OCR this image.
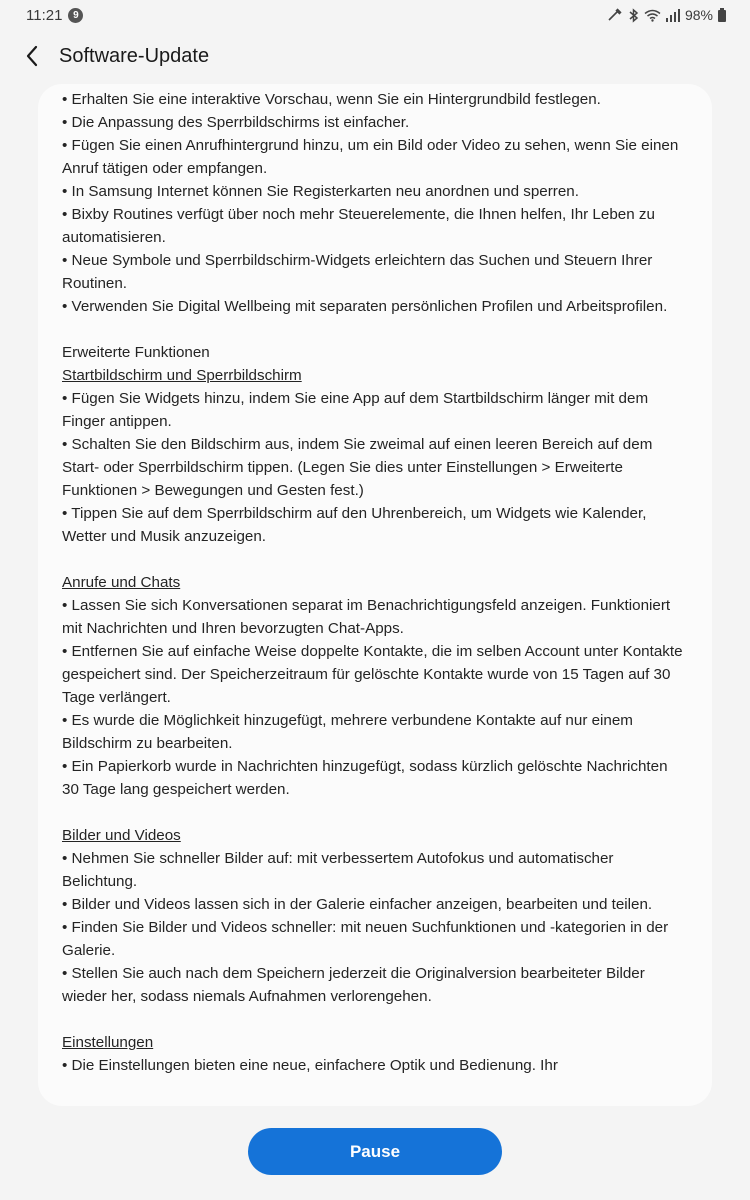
11:21	9	98%
Software-Update

• Erhalten Sie eine interaktive Vorschau, wenn Sie ein Hintergrundbild festlegen.

• Die Anpassung des Sperrbildschirms ist einfacher.

• Fügen Sie einen Anrufhintergrund hinzu, um ein Bild oder Video zu sehen, wenn Sie einen Anruf tätigen oder empfangen.

• In Samsung Internet können Sie Registerkarten neu anordnen und sperren.

• Bixby Routines verfügt über noch mehr Steuerelemente, die Ihnen helfen, Ihr Leben zu automatisieren.

• Neue Symbole und Sperrbildschirm-Widgets erleichtern das Suchen und Steuern Ihrer Routinen.

• Verwenden Sie Digital Wellbeing mit separaten persönlichen Profilen und Arbeitsprofilen.

Erweiterte Funktionen

Startbildschirm und Sperrbildschirm

• Fügen Sie Widgets hinzu, indem Sie eine App auf dem Startbildschirm länger mit dem Finger antippen.

• Schalten Sie den Bildschirm aus, indem Sie zweimal auf einen leeren Bereich auf dem Start- oder Sperrbildschirm tippen. (Legen Sie dies unter Einstellungen > Erweiterte Funktionen > Bewegungen und Gesten fest.)

• Tippen Sie auf dem Sperrbildschirm auf den Uhrenbereich, um Widgets wie Kalender, Wetter und Musik anzuzeigen.

Anrufe und Chats

• Lassen Sie sich Konversationen separat im Benachrichtigungsfeld anzeigen. Funktioniert mit Nachrichten und Ihren bevorzugten Chat-Apps.

• Entfernen Sie auf einfache Weise doppelte Kontakte, die im selben Account unter Kontakte gespeichert sind. Der Speicherzeitraum für gelöschte Kontakte wurde von 15 Tagen auf 30 Tage verlängert.

• Es wurde die Möglichkeit hinzugefügt, mehrere verbundene Kontakte auf nur einem Bildschirm zu bearbeiten.

• Ein Papierkorb wurde in Nachrichten hinzugefügt, sodass kürzlich gelöschte Nachrichten 30 Tage lang gespeichert werden.

Bilder und Videos

• Nehmen Sie schneller Bilder auf: mit verbessertem Autofokus und automatischer Belichtung.

• Bilder und Videos lassen sich in der Galerie einfacher anzeigen, bearbeiten und teilen.

• Finden Sie Bilder und Videos schneller: mit neuen Suchfunktionen und -kategorien in der Galerie.

• Stellen Sie auch nach dem Speichern jederzeit die Originalversion bearbeiteter Bilder wieder her, sodass niemals Aufnahmen verlorengehen.

Einstellungen

• Die Einstellungen bieten eine neue, einfachere Optik und Bedienung. Ihr

Pause
